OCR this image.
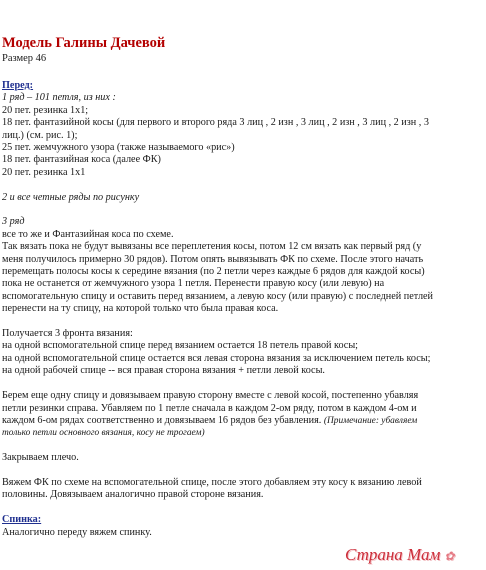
Модель Галины Дачевой
Размер 46
Перед:
1 ряд – 101 петля, из них :
20 пет. резинка 1х1;
18 пет. фантазийной косы (для первого и второго ряда 3 лиц , 2 изн , 3 лиц , 2 изн , 3 лиц , 2 изн , 3
лиц.) (см. рис. 1);
25 пет. жемчужного узора (также называемого «рис»)
18 пет. фантазийная коса (далее ФК)
20 пет. резинка 1х1
2 и все четные ряды по рисунку
3 ряд
все то же и Фантазийная коса по схеме.
Так вязать пока не будут вывязаны все переплетения косы, потом 12 см вязать как первый ряд (у
меня получилось примерно 30 рядов). Потом опять вывязывать ФК по схеме. После этого начать
перемещать полосы косы к середине вязания (по 2 петли через каждые 6 рядов для каждой косы)
пока не останется от жемчужного узора 1 петля. Перенести правую косу (или левую) на
вспомогательную спицу и оставить перед вязанием, а левую косу (или правую) с последней петлей
перенести на ту спицу, на которой только что была правая коса.
Получается 3 фронта вязания:
на одной вспомогательной спице перед вязанием остается 18 петель правой косы;
на одной вспомогательной спице остается вся левая сторона вязания за исключением петель косы;
на одной рабочей спице -- вся правая сторона вязания + петли левой косы.
Берем еще одну спицу и довязываем правую сторону вместе с левой косой, постепенно убавляя
петли резинки справа. Убавляем по 1 петле сначала в каждом 2-ом ряду, потом в каждом 4-ом и
каждом 6-ом рядах соответственно и довязываем 16 рядов без убавления. (Примечание: убавляем
только петли основного вязания, косу не трогаем)
Закрываем плечо.
Вяжем ФК по схеме на вспомогательной спице, после этого добавляем эту косу к вязанию левой
половины. Довязываем аналогично правой стороне вязания.
Спинка:
Аналогично переду вяжем спинку.
Страна Мам ✿
